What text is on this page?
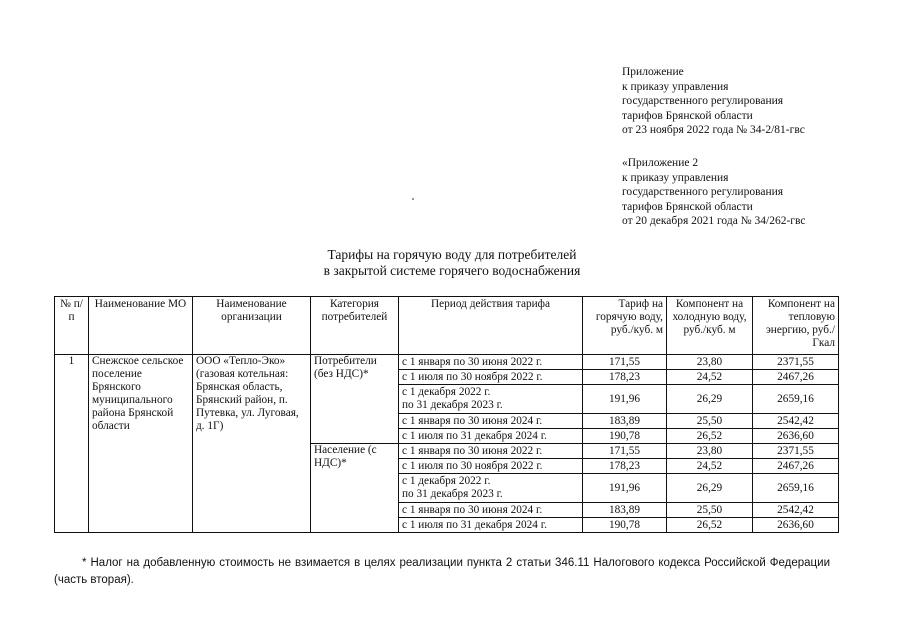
Приложение
к приказу управления
государственного регулирования
тарифов Брянской области
от 23 ноября 2022 года № 34-2/81-гвс
«Приложение 2
к приказу управления
государственного регулирования
тарифов Брянской области
от 20 декабря 2021 года № 34/262-гвс
Тарифы на горячую воду для потребителей
в закрытой системе горячего водоснабжения
№ п/п	Наименование МО	Наименование организации	Категория потребителей	Период действия тарифа	Тариф на горячую воду, руб./куб. м	Компонент на холодную воду, руб./куб. м	Компонент на тепловую энергию, руб./Гкал
1	Снежское сельское поселение Брянского муниципального района Брянской области	ООО «Тепло-Эко» (газовая котельная: Брянская область, Брянский район, п. Путевка, ул. Луговая, д. 1Г)	Потребители (без НДС)*	с 1 января по 30 июня 2022 г.	171,55	23,80	2371,55
				с 1 июля по 30 ноября 2022 г.	178,23	24,52	2467,26

				с 1 декабря 2022 г.
по 31 декабря 2023 г.	191,96	26,29	2659,16
				с 1 января по 30 июня 2024 г.	183,89	25,50	2542,42
				с 1 июля по 31 декабря 2024 г.	190,78	26,52	2636,60
			Население (с НДС)*	с 1 января по 30 июня 2022 г.	171,55	23,80	2371,55
				с 1 июля по 30 ноября 2022 г.	178,23	24,52	2467,26

				с 1 декабря 2022 г.
по 31 декабря 2023 г.	191,96	26,29	2659,16
				с 1 января по 30 июня 2024 г.	183,89	25,50	2542,42
				с 1 июля по 31 декабря 2024 г.	190,78	26,52	2636,60
* Налог на добавленную стоимость не взимается в целях реализации пункта 2 статьи 346.11 Налогового кодекса Российской Федерации (часть вторая).
